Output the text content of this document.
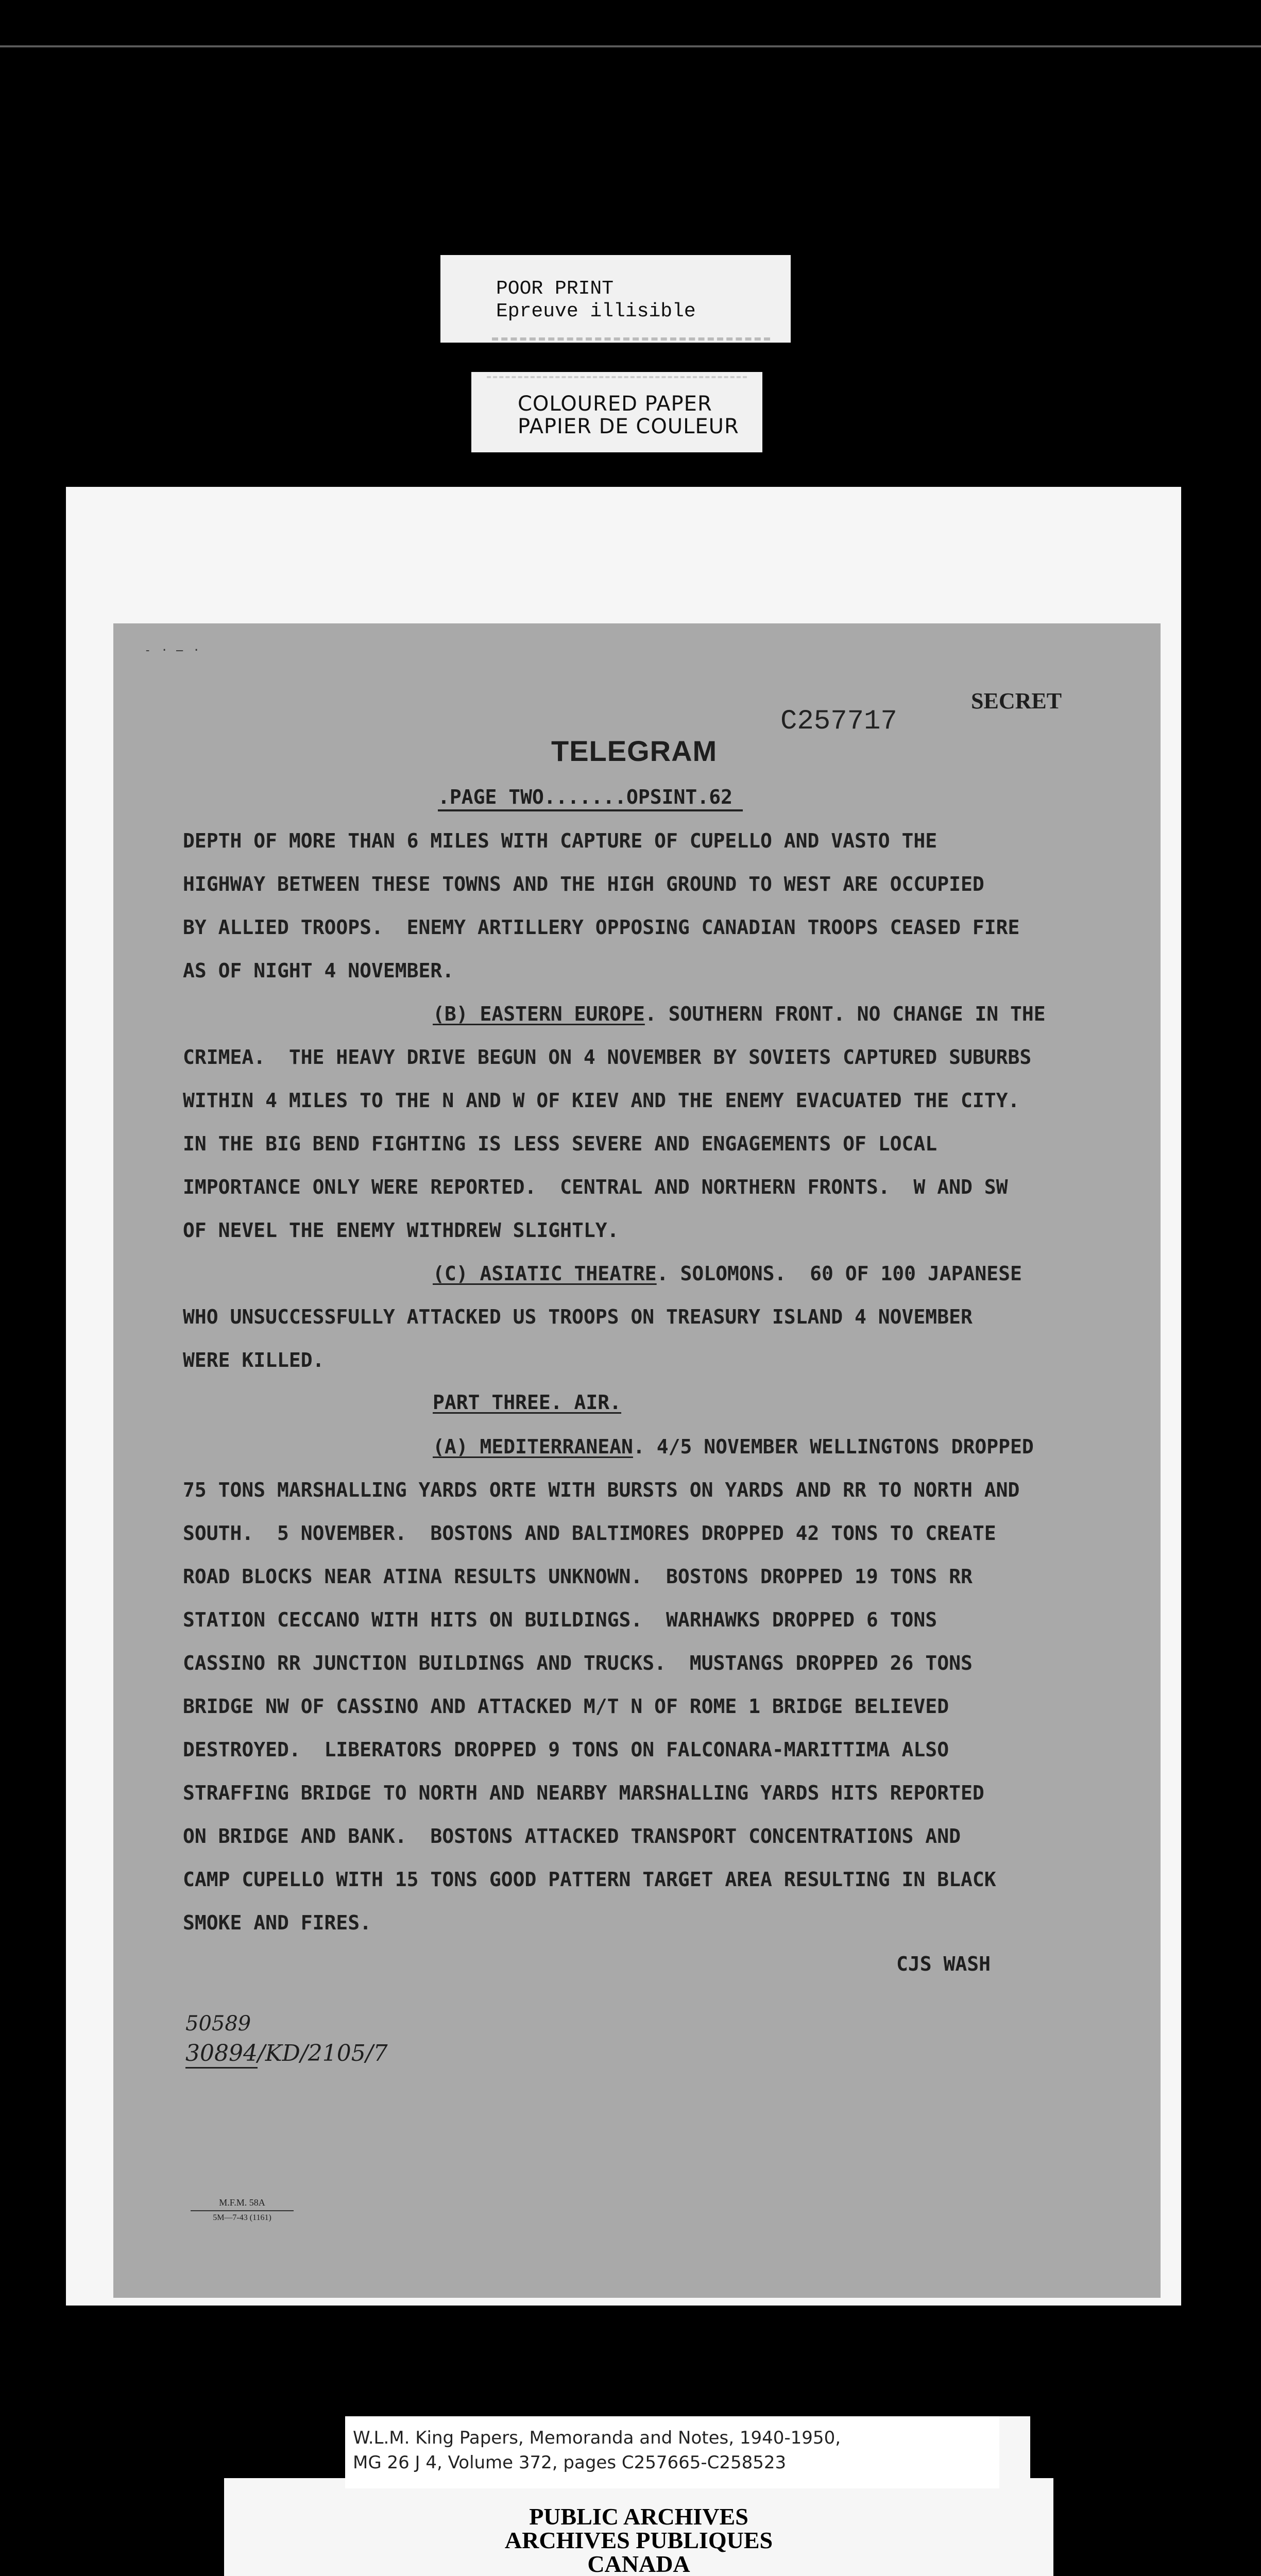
POOR PRINT
Epreuve illisible
COLOURED PAPER
PAPIER DE COULEUR
- · ̶ ·
C257717
SECRET
TELEGRAM
.PAGE TWO.......OPSINT.62
DEPTH OF MORE THAN 6 MILES WITH CAPTURE OF CUPELLO AND VASTO THE
HIGHWAY BETWEEN THESE TOWNS AND THE HIGH GROUND TO WEST ARE OCCUPIED
BY ALLIED TROOPS.  ENEMY ARTILLERY OPPOSING CANADIAN TROOPS CEASED FIRE
AS OF NIGHT 4 NOVEMBER.
(B) EASTERN EUROPE. SOUTHERN FRONT. NO CHANGE IN THE
CRIMEA.  THE HEAVY DRIVE BEGUN ON 4 NOVEMBER BY SOVIETS CAPTURED SUBURBS
WITHIN 4 MILES TO THE N AND W OF KIEV AND THE ENEMY EVACUATED THE CITY.
IN THE BIG BEND FIGHTING IS LESS SEVERE AND ENGAGEMENTS OF LOCAL
IMPORTANCE ONLY WERE REPORTED.  CENTRAL AND NORTHERN FRONTS.  W AND SW
OF NEVEL THE ENEMY WITHDREW SLIGHTLY.
(C) ASIATIC THEATRE. SOLOMONS.  60 OF 100 JAPANESE
WHO UNSUCCESSFULLY ATTACKED US TROOPS ON TREASURY ISLAND 4 NOVEMBER
WERE KILLED.
PART THREE. AIR.
(A) MEDITERRANEAN. 4/5 NOVEMBER WELLINGTONS DROPPED
75 TONS MARSHALLING YARDS ORTE WITH BURSTS ON YARDS AND RR TO NORTH AND
SOUTH.  5 NOVEMBER.  BOSTONS AND BALTIMORES DROPPED 42 TONS TO CREATE
ROAD BLOCKS NEAR ATINA RESULTS UNKNOWN.  BOSTONS DROPPED 19 TONS RR
STATION CECCANO WITH HITS ON BUILDINGS.  WARHAWKS DROPPED 6 TONS
CASSINO RR JUNCTION BUILDINGS AND TRUCKS.  MUSTANGS DROPPED 26 TONS
BRIDGE NW OF CASSINO AND ATTACKED M/T N OF ROME 1 BRIDGE BELIEVED
DESTROYED.  LIBERATORS DROPPED 9 TONS ON FALCONARA-MARITTIMA ALSO
STRAFFING BRIDGE TO NORTH AND NEARBY MARSHALLING YARDS HITS REPORTED
ON BRIDGE AND BANK.  BOSTONS ATTACKED TRANSPORT CONCENTRATIONS AND
CAMP CUPELLO WITH 15 TONS GOOD PATTERN TARGET AREA RESULTING IN BLACK
SMOKE AND FIRES.
CJS WASH
50589
30894/KD/2105/7
M.F.M. 58A
5M—7-43 (1161)
W.L.M. King Papers, Memoranda and Notes, 1940-1950,
MG 26 J 4, Volume 372, pages C257665-C258523
PUBLIC ARCHIVES
ARCHIVES PUBLIQUES
CANADA
